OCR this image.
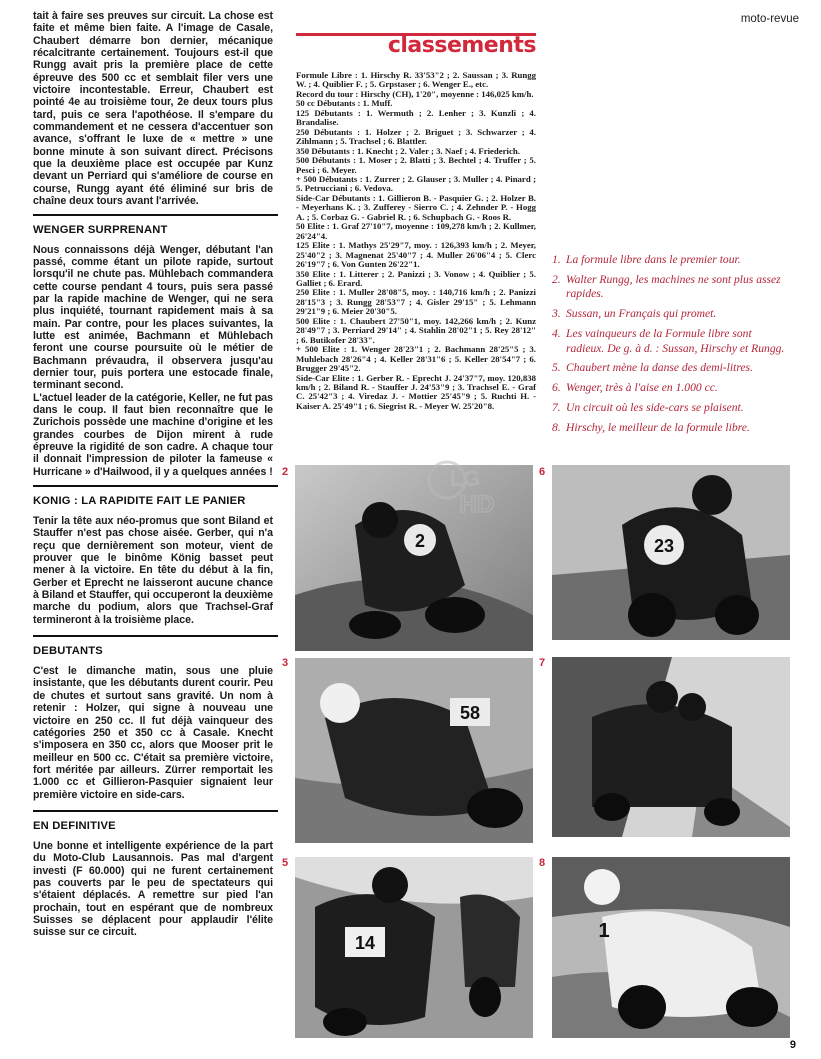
moto-revue

tait à faire ses preuves sur circuit. La chose est faite et même bien faite. A l'image de Casale, Chaubert démarre bon dernier, mécanique récalcitrante certainement. Toujours est-il que Rungg avait pris la première place de cette épreuve des 500 cc et semblait filer vers une victoire incontestable. Erreur, Chaubert est pointé 4e au troisième tour, 2e deux tours plus tard, puis ce sera l'apothéose. Il s'empare du commandement et ne cessera d'accentuer son avance, s'offrant le luxe de « mettre » une bonne minute à son suivant direct. Précisons que la deuxième place est occupée par Kunz devant un Perriard qui s'améliore de course en course, Rungg ayant été éliminé sur bris de chaîne deux tours avant l'arrivée.

WENGER SURPRENANT

Nous connaissons déjà Wenger, débutant l'an passé, comme étant un pilote rapide, surtout lorsqu'il ne chute pas. Mühlebach commandera cette course pendant 4 tours, puis sera passé par la rapide machine de Wenger, qui ne sera plus inquiété, tournant rapidement mais à sa main. Par contre, pour les places suivantes, la lutte est animée, Bachmann et Mühlebach feront une course poursuite où le métier de Bachmann prévaudra, il observera jusqu'au dernier tour, puis portera une estocade finale, terminant second.

L'actuel leader de la catégorie, Keller, ne fut pas dans le coup. Il faut bien reconnaître que le Zurichois possède une machine d'origine et les grandes courbes de Dijon mirent à rude épreuve la rigidité de son cadre. A chaque tour il donnait l'impression de piloter la fameuse « Hurricane » d'Hailwood, il y a quelques années !

KONIG : LA RAPIDITE FAIT LE PANIER

Tenir la tête aux néo-promus que sont Biland et Stauffer n'est pas chose aisée. Gerber, qui n'a reçu que dernièrement son moteur, vient de prouver que le binôme König basset peut mener à la victoire. En tête du début à la fin, Gerber et Eprecht ne laisseront aucune chance à Biland et Stauffer, qui occuperont la deuxième marche du podium, alors que Trachsel-Graf termineront à la troisième place.

DEBUTANTS

C'est le dimanche matin, sous une pluie insistante, que les débutants durent courir. Peu de chutes et surtout sans gravité. Un nom à retenir : Holzer, qui signe à nouveau une victoire en 250 cc. Il fut déjà vainqueur des catégories 250 et 350 cc à Casale. Knecht s'imposera en 350 cc, alors que Mooser prit le meilleur en 500 cc. C'était sa première victoire, fort méritée par ailleurs. Zürrer remportait les 1.000 cc et Gillieron-Pasquier signaient leur première victoire en side-cars.

EN DEFINITIVE

Une bonne et intelligente expérience de la part du Moto-Club Lausannois. Pas mal d'argent investi (F 60.000) qui ne furent certainement pas couverts par le peu de spectateurs qui s'étaient déplacés. A remettre sur pied l'an prochain, tout en espérant que de nombreux Suisses se déplacent pour applaudir l'élite suisse sur ce circuit.

classements

Formule Libre : 1. Hirschy R. 33'53"2 ; 2. Saussan ; 3. Rungg W. ; 4. Quiblier F. ; 5. Grpstaser ; 6. Wenger E., etc.

Record du tour : Hirschy (CH), 1'20", moyenne : 146,025 km/h.

50 cc Débutants : 1. Muff.

125 Débutants : 1. Wermuth ; 2. Lenher ; 3. Kunzli ; 4. Brandalise.

250 Débutants : 1. Holzer ; 2. Briguet ; 3. Schwarzer ; 4. Zihlmann ; 5. Trachsel ; 6. Blattler.

350 Débutants : 1. Knecht ; 2. Valer ; 3. Naef ; 4. Friederich.

500 Débutants : 1. Moser ; 2. Blatti ; 3. Bechtel ; 4. Truffer ; 5. Pesci ; 6. Meyer.

+ 500 Débutants : 1. Zurrer ; 2. Glauser ; 3. Muller ; 4. Pinard ; 5. Petrucciani ; 6. Vedova.

Side-Car Débutants : 1. Gillieron B. - Pasquier G. ; 2. Holzer B. - Meyerhans K. ; 3. Zufferey - Sierro C. ; 4. Zehnder P. - Hogg A. ; 5. Corbaz G. - Gabriel R. ; 6. Schupbach G. - Roos R.

50 Elite : 1. Graf 27'10"7, moyenne : 109,278 km/h ; 2. Kullmer, 26'24"4.

125 Elite : 1. Mathys 25'29"7, moy. : 126,393 km/h ; 2. Meyer, 25'40"2 ; 3. Magnenat 25'40"7 ; 4. Muller 26'06"4 ; 5. Clerc 26'19"7 ; 6. Von Gunten 26'22"1.

350 Elite : 1. Litterer ; 2. Panizzi ; 3. Vonow ; 4. Quiblier ; 5. Galliet ; 6. Erard.

250 Elite : 1. Muller 28'08"5, moy. : 140,716 km/h ; 2. Panizzi 28'15"3 ; 3. Rungg 28'53"7 ; 4. Gisler 29'15" ; 5. Lehmann 29'21"9 ; 6. Meier 20'30"5.

500 Elite : 1. Chaubert 27'50"1, moy. 142,266 km/h ; 2. Kunz 28'49"7 ; 3. Perriard 29'14" ; 4. Stahlin 28'02"1 ; 5. Rey 28'12" ; 6. Butikofer 28'33".

+ 500 Elite : 1. Wenger 28'23"1 ; 2. Bachmann 28'25"5 ; 3. Muhlebach 28'26"4 ; 4. Keller 28'31"6 ; 5. Keller 28'54"7 ; 6. Brugger 29'45"2.

Side-Car Elite : 1. Gerber R. - Eprecht J. 24'37"7, moy. 120,838 km/h ; 2. Biland R. - Stauffer J. 24'53"9 ; 3. Trachsel E. - Graf C. 25'42"3 ; 4. Viredaz J. - Mottier 25'45"9 ; 5. Ruchti H. - Kaiser A. 25'49"1 ; 6. Siegrist R. - Meyer W. 25'20"8.

1. La formule libre dans le premier tour.
2. Walter Rungg, les machines ne sont plus assez rapides.
3. Sussan, un Français qui promet.
4. Les vainqueurs de la Formule libre sont radieux. De g. à d. : Sussan, Hirschy et Rungg.
5. Chaubert mène la danse des demi-litres.
6. Wenger, très à l'aise en 1.000 cc.
7. Un circuit où les side-cars se plaisent.
8. Hirschy, le meilleur de la formule libre.
2	6
3	7
5	8
2	23
58
14
1
LG
HD
9
